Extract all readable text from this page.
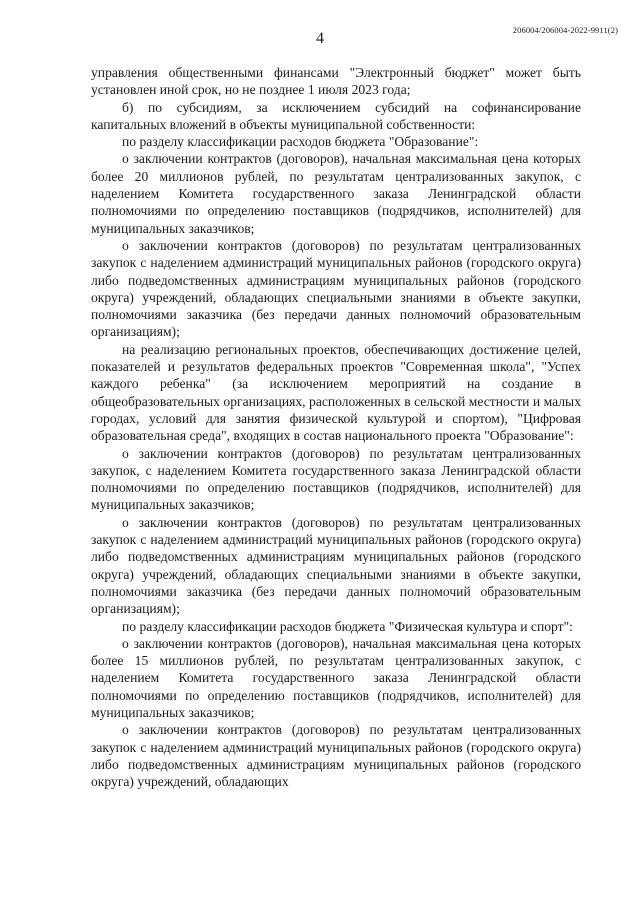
206004/206004-2022-9911(2)
4

управления общественными финансами "Электронный бюджет" может быть установлен иной срок, но не позднее 1 июля 2023 года;

б) по субсидиям, за исключением субсидий на софинансирование капитальных вложений в объекты муниципальной собственности:

по разделу классификации расходов бюджета "Образование":

о заключении контрактов (договоров), начальная максимальная цена которых более 20 миллионов рублей, по результатам централизованных закупок, с наделением Комитета государственного заказа Ленинградской области полномочиями по определению поставщиков (подрядчиков, исполнителей) для муниципальных заказчиков;

о заключении контрактов (договоров) по результатам централизованных закупок с наделением администраций муниципальных районов (городского округа) либо подведомственных администрациям муниципальных районов (городского округа) учреждений, обладающих специальными знаниями в объекте закупки, полномочиями заказчика (без передачи данных полномочий образовательным организациям);

на реализацию региональных проектов, обеспечивающих достижение целей, показателей и результатов федеральных проектов "Современная школа", "Успех каждого ребенка" (за исключением мероприятий на создание в общеобразовательных организациях, расположенных в сельской местности и малых городах, условий для занятия физической культурой и спортом), "Цифровая образовательная среда", входящих в состав национального проекта "Образование":

о заключении контрактов (договоров) по результатам централизованных закупок, с наделением Комитета государственного заказа Ленинградской области полномочиями по определению поставщиков (подрядчиков, исполнителей) для муниципальных заказчиков;

о заключении контрактов (договоров) по результатам централизованных закупок с наделением администраций муниципальных районов (городского округа) либо подведомственных администрациям муниципальных районов (городского округа) учреждений, обладающих специальными знаниями в объекте закупки, полномочиями заказчика (без передачи данных полномочий образовательным организациям);

по разделу классификации расходов бюджета "Физическая культура и спорт":

о заключении контрактов (договоров), начальная максимальная цена которых более 15 миллионов рублей, по результатам централизованных закупок, с наделением Комитета государственного заказа Ленинградской области полномочиями по определению поставщиков (подрядчиков, исполнителей) для муниципальных заказчиков;

о заключении контрактов (договоров) по результатам централизованных закупок с наделением администраций муниципальных районов (городского округа) либо подведомственных администрациям муниципальных районов (городского округа) учреждений, обладающих
